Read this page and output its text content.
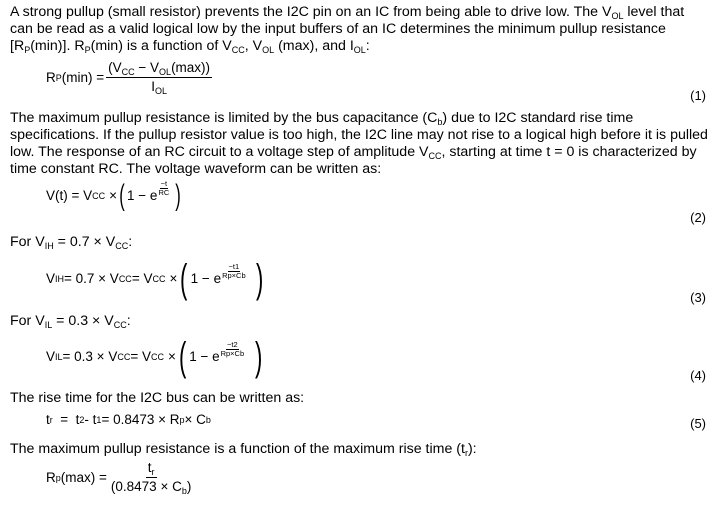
A strong pullup (small resistor) prevents the I2C pin on an IC from being able to drive low. The $V_{OL}$ level that can be read as a valid logical low by the input buffers of an IC determines the minimum pullup resistance $[R_P(\min)]$. $R_P(\min)$ is a function of $V_{CC}$, $V_{OL}$ (max), and $I_{OL}$:

R P $(\min) = \frac{(V_{CC} - V_{OL}(\max))}{I_{OL}}$
(1)

The maximum pullup resistance is limited by the bus capacitance $(C_b)$ due to I2C standard rise time specifications. If the pullup resistor value is too high, the I2C line may not rise to a logical high before it is pulled low. The response of an RC circuit to a voltage step of amplitude $V_{CC}$, starting at time t = 0 is characterized by time constant RC. The voltage waveform can be written as:

V(t) = V CC × ( 1 − e
−t
RC )
(2)

For $V_{IH} = 0.7 \times V_{CC}$:

V IH = 0.7 × V CC = V CC × ( 1 − e
−t1
Rp×Cb )	(3)

For $V_{IL} = 0.3 \times V_{CC}$:

V IL = 0.3 × V CC = V CC × ( 1 − e
−t2
Rp×Cb )	(4)

The rise time for the I2C bus can be written as:

t r =  t 2 - t 1 = 0.8473 × R p × C b	(5)

The maximum pullup resistance is a function of the maximum rise time $(t_r)$:

R p $(\max) = \frac{t_r}{(0.8473 \times C_b)}$
